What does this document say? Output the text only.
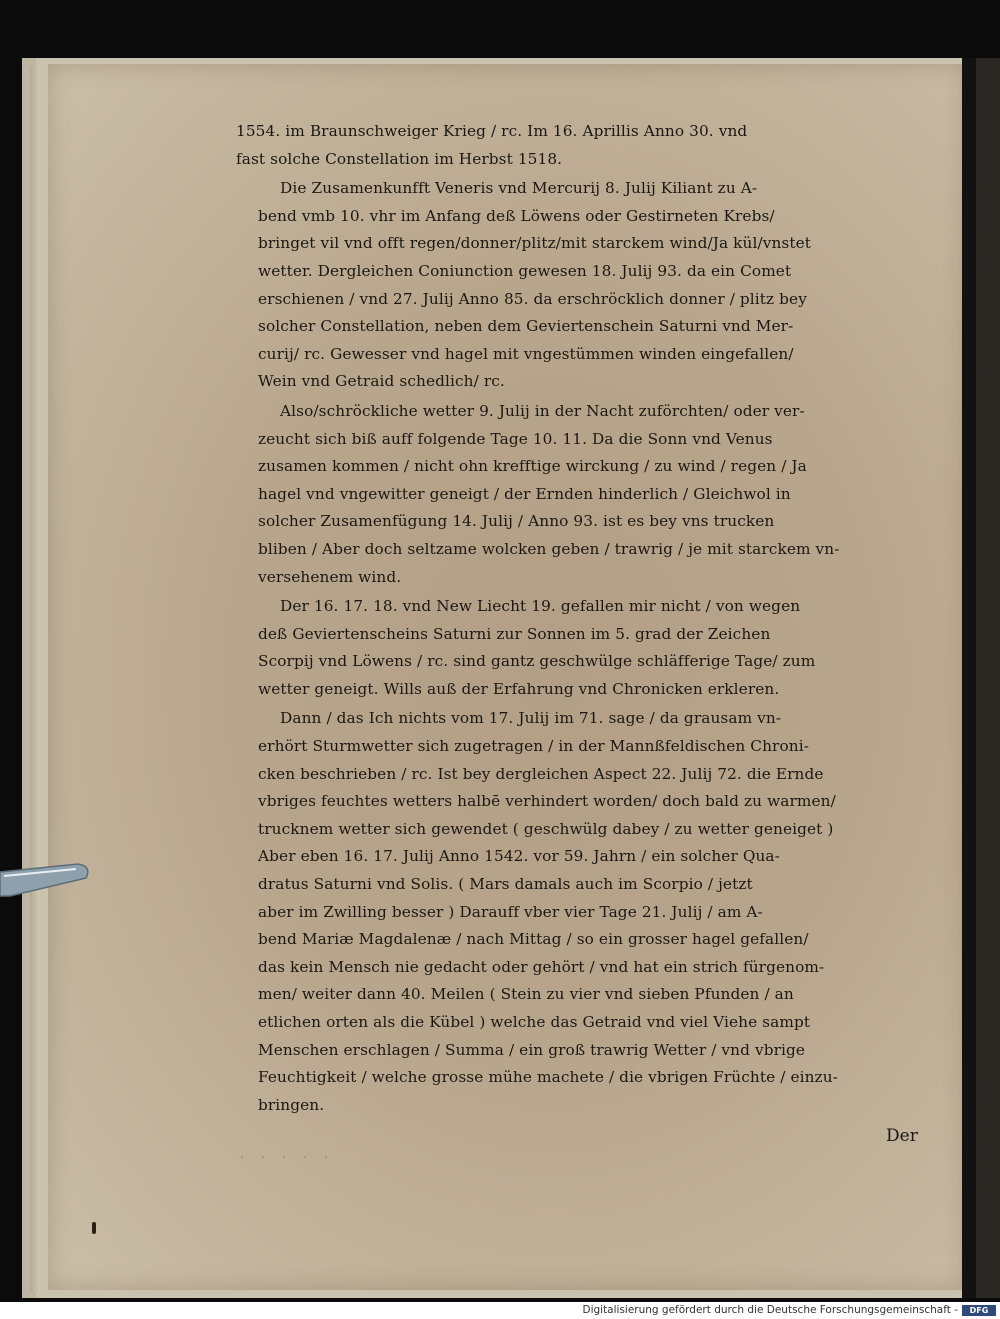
1554. im Braunschweiger Krieg / rc. Im 16. Aprillis Anno 30. vnd
fast solche Constellation im Herbst 1518.
Die Zusamenkunfft Veneris vnd Mercurij 8. Julij Kiliant zu A-
bend vmb 10. vhr im Anfang deß Löwens oder Gestirneten Krebs/
bringet vil vnd offt regen/donner/plitz/mit starckem wind/Ja kül/vnstet
wetter. Dergleichen Coniunction gewesen 18. Julij 93. da ein Comet
erschienen / vnd 27. Julij Anno 85. da erschröcklich donner / plitz bey
solcher Constellation, neben dem Geviertenschein Saturni vnd Mer-
curij/ rc. Gewesser vnd hagel mit vngestümmen winden eingefallen/
Wein vnd Getraid schedlich/ rc.
Also/schröckliche wetter 9. Julij in der Nacht zuförchten/ oder ver-
zeucht sich biß auff folgende Tage 10. 11. Da die Sonn vnd Venus
zusamen kommen / nicht ohn krefftige wirckung / zu wind / regen / Ja
hagel vnd vngewitter geneigt / der Ernden hinderlich / Gleichwol in
solcher Zusamenfügung 14. Julij / Anno 93. ist es bey vns trucken
bliben / Aber doch seltzame wolcken geben / trawrig / je mit starckem vn-
versehenem wind.
Der 16. 17. 18. vnd New Liecht 19. gefallen mir nicht / von wegen
deß Geviertenscheins Saturni zur Sonnen im 5. grad der Zeichen
Scorpij vnd Löwens / rc. sind gantz geschwülge schläfferige Tage/ zum
wetter geneigt. Wills auß der Erfahrung vnd Chronicken erkleren.
Dann / das Ich nichts vom 17. Julij im 71. sage / da grausam vn-
erhört Sturmwetter sich zugetragen / in der Mannßfeldischen Chroni-
cken beschrieben / rc. Ist bey dergleichen Aspect 22. Julij 72. die Ernde
vbriges feuchtes wetters halbē verhindert worden/ doch bald zu warmen/
trucknem wetter sich gewendet ( geschwülg dabey / zu wetter geneiget )
Aber eben 16. 17. Julij Anno 1542. vor 59. Jahrn / ein solcher Qua-
dratus Saturni vnd Solis. ( Mars damals auch im Scorpio / jetzt
aber im Zwilling besser ) Darauff vber vier Tage 21. Julij / am A-
bend Mariæ Magdalenæ / nach Mittag / so ein grosser hagel gefallen/
das kein Mensch nie gedacht oder gehört / vnd hat ein strich fürgenom-
men/ weiter dann 40. Meilen ( Stein zu vier vnd sieben Pfunden / an
etlichen orten als die Kübel ) welche das Getraid vnd viel Viehe sampt
Menschen erschlagen / Summa / ein groß trawrig Wetter / vnd vbrige
Feuchtigkeit / welche grosse mühe machete / die vbrigen Früchte / einzu-
bringen.
Der
· · · · ·
Digitalisierung gefördert durch die Deutsche Forschungsgemeinschaft -	DFG
